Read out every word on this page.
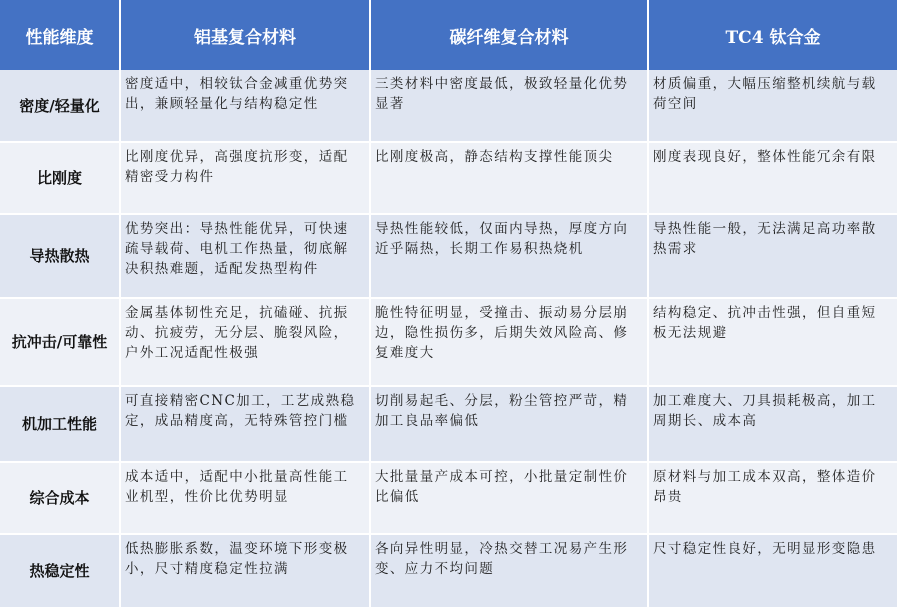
性能维度	铝基复合材料	碳纤维复合材料	TC4 钛合金
密度/轻量化	密度适中，相较钛合金减重优势突出，兼顾轻量化与结构稳定性	三类材料中密度最低，极致轻量化优势显著	材质偏重，大幅压缩整机续航与载荷空间
比刚度	比刚度优异，高强度抗形变，适配精密受力构件	比刚度极高，静态结构支撑性能顶尖	刚度表现良好，整体性能冗余有限
导热散热	优势突出：导热性能优异，可快速疏导载荷、电机工作热量，彻底解决积热难题，适配发热型构件	导热性能较低，仅面内导热，厚度方向近乎隔热，长期工作易积热烧机	导热性能一般，无法满足高功率散热需求
抗冲击/可靠性	金属基体韧性充足，抗磕碰、抗振动、抗疲劳，无分层、脆裂风险，户外工况适配性极强	脆性特征明显，受撞击、振动易分层崩边，隐性损伤多，后期失效风险高、修复难度大	结构稳定、抗冲击性强，但自重短板无法规避
机加工性能	可直接精密CNC加工，工艺成熟稳定，成品精度高，无特殊管控门槛	切削易起毛、分层，粉尘管控严苛，精加工良品率偏低	加工难度大、刀具损耗极高，加工周期长、成本高
综合成本	成本适中，适配中小批量高性能工业机型，性价比优势明显	大批量量产成本可控，小批量定制性价比偏低	原材料与加工成本双高，整体造价昂贵
热稳定性	低热膨胀系数，温变环境下形变极小，尺寸精度稳定性拉满	各向异性明显，冷热交替工况易产生形变、应力不均问题	尺寸稳定性良好，无明显形变隐患
